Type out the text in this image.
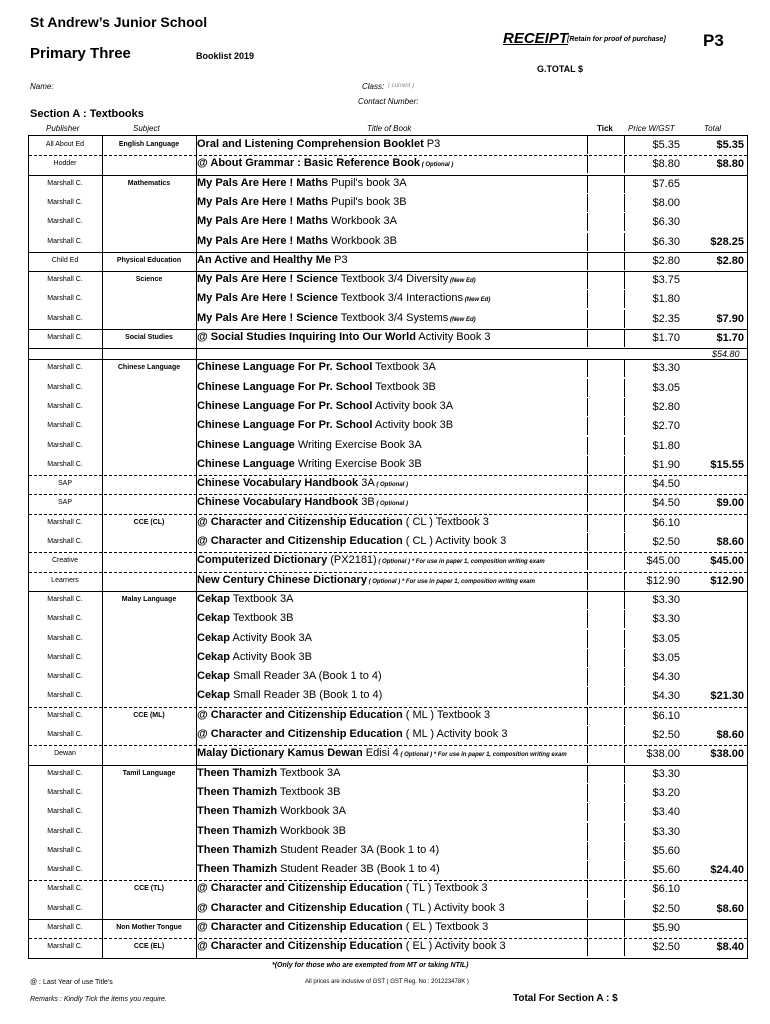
St Andrew’s Junior School
RECEIPT
[Retain for proof of purchase] P3
Primary Three	Booklist 2019
G.TOTAL $
Name:	Class: ( current )
Contact Number:
Section A : Textbooks
Publisher	Subject	Title of Book	Tick Price W/GST	Total
All About Ed	English Language	Oral and Listening Comprehension Booklet P3	$5.35	$5.35
Hodder	@ About Grammar : Basic Reference Book ( Optional )	$8.80	$8.80
Marshall C.	Mathematics	My Pals Are Here ! Maths Pupil's book 3A	$7.65
Marshall C.	My Pals Are Here ! Maths Pupil's book 3B	$8.00
Marshall C.	My Pals Are Here ! Maths Workbook 3A	$6.30
Marshall C.	My Pals Are Here ! Maths Workbook 3B	$6.30	$28.25
Child Ed	Physical Education	An Active and Healthy Me P3	$2.80	$2.80
Marshall C.	Science	My Pals Are Here ! Science Textbook 3/4 Diversity (New Ed)	$3.75
Marshall C.	My Pals Are Here ! Science Textbook 3/4 Interactions (New Ed)	$1.80
Marshall C.	My Pals Are Here ! Science Textbook 3/4 Systems (New Ed)	$2.35	$7.90
Marshall C.	Social Studies	@ Social Studies Inquiring Into Our World Activity Book 3	$1.70	$1.70
$54.80
Marshall C.	Chinese Language	Chinese Language For Pr. School Textbook 3A	$3.30
Marshall C.	Chinese Language For Pr. School Textbook 3B	$3.05
Marshall C.	Chinese Language For Pr. School Activity book 3A	$2.80
Marshall C.	Chinese Language For Pr. School Activity book 3B	$2.70
Marshall C.	Chinese Language Writing Exercise Book 3A	$1.80
Marshall C.	Chinese Language Writing Exercise Book 3B	$1.90	$15.55
SAP	Chinese Vocabulary Handbook 3A ( Optional )	$4.50
SAP	Chinese Vocabulary Handbook 3B ( Optional )	$4.50	$9.00
Marshall C.	CCE (CL)	@ Character and Citizenship Education ( CL ) Textbook 3	$6.10
Marshall C.	@ Character and Citizenship Education ( CL ) Activity book 3	$2.50	$8.60
Creative	Computerized Dictionary (PX2181) ( Optional ) * For use in paper 1, composition writing exam	$45.00	$45.00
Learners	New Century Chinese Dictionary ( Optional ) * For use in paper 1, composition writing exam	$12.90	$12.90
Marshall C.	Malay Language	Cekap Textbook 3A	$3.30
Marshall C.	Cekap Textbook 3B	$3.30
Marshall C.	Cekap Activity Book 3A	$3.05
Marshall C.	Cekap Activity Book 3B	$3.05
Marshall C.	Cekap Small Reader 3A (Book 1 to 4)	$4.30
Marshall C.	Cekap Small Reader 3B (Book 1 to 4)	$4.30	$21.30
Marshall C.	CCE (ML)	@ Character and Citizenship Education ( ML ) Textbook 3	$6.10
Marshall C.	@ Character and Citizenship Education ( ML ) Activity book 3	$2.50	$8.60
Dewan	Malay Dictionary Kamus Dewan Edisi 4 ( Optional ) * For use in paper 1, composition writing exam	$38.00	$38.00
Marshall C.	Tamil Language	Theen Thamizh Textbook 3A	$3.30
Marshall C.	Theen Thamizh Textbook 3B	$3.20
Marshall C.	Theen Thamizh Workbook 3A	$3.40
Marshall C.	Theen Thamizh Workbook 3B	$3.30
Marshall C.	Theen Thamizh Student Reader 3A (Book 1 to 4)	$5.60
Marshall C.	Theen Thamizh Student Reader 3B (Book 1 to 4)	$5.60	$24.40
Marshall C.	CCE (TL)	@ Character and Citizenship Education ( TL ) Textbook 3	$6.10
Marshall C.	@ Character and Citizenship Education ( TL ) Activity book 3	$2.50	$8.60
Marshall C.	Non Mother Tongue	@ Character and Citizenship Education ( EL ) Textbook 3	$5.90
Marshall C.	CCE (EL)	@ Character and Citizenship Education ( EL ) Activity book 3	$2.50	$8.40
*(Only for those who are exempted from MT or taking NTIL)
@ : Last Year of use Title's	All prices are inclusive of GST ( GST Reg. No : 201223478K )
Remarks : Kindly Tick the items you require.	Total For Section A : $
